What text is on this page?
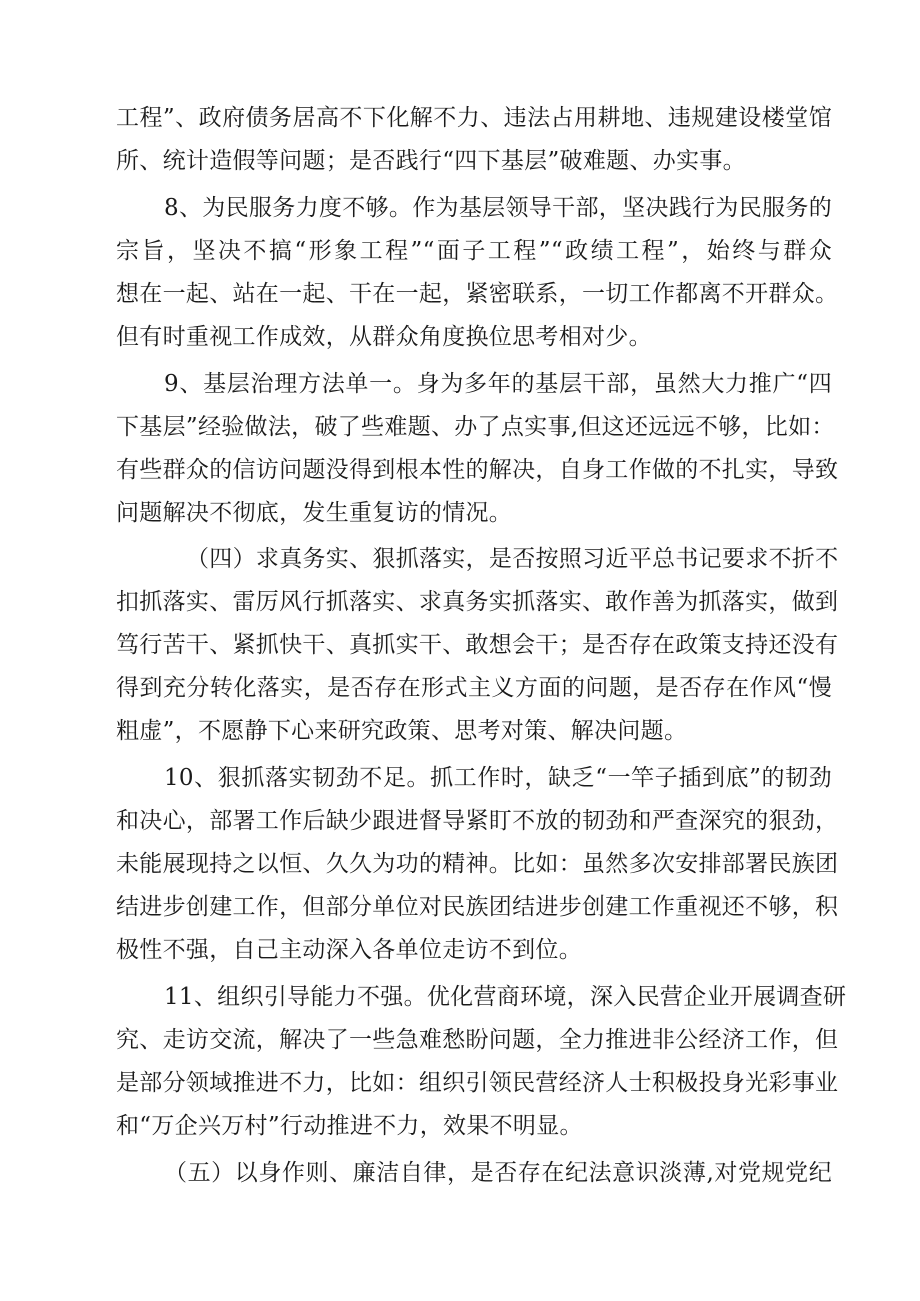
工程”、政府债务居高不下化解不力、违法占用耕地、违规建设楼堂馆
所、统计造假等问题；是否践行“四下基层”破难题、办实事。
8、为民服务力度不够。作为基层领导干部，坚决践行为民服务的
宗旨，坚决不搞“形象工程”“面子工程”“政绩工程”，始终与群众
想在一起、站在一起、干在一起，紧密联系，一切工作都离不开群众。
但有时重视工作成效，从群众角度换位思考相对少。
9、基层治理方法单一。身为多年的基层干部，虽然大力推广“四
下基层”经验做法，破了些难题、办了点实事,但这还远远不够，比如：
有些群众的信访问题没得到根本性的解决，自身工作做的不扎实，导致
问题解决不彻底，发生重复访的情况。
（四）求真务实、狠抓落实，是否按照习近平总书记要求不折不
扣抓落实、雷厉风行抓落实、求真务实抓落实、敢作善为抓落实，做到
笃行苦干、紧抓快干、真抓实干、敢想会干；是否存在政策支持还没有
得到充分转化落实，是否存在形式主义方面的问题，是否存在作风“慢
粗虚”，不愿静下心来研究政策、思考对策、解决问题。
10、狠抓落实韧劲不足。抓工作时，缺乏“一竿子插到底”的韧劲
和决心，部署工作后缺少跟进督导紧盯不放的韧劲和严查深究的狠劲，
未能展现持之以恒、久久为功的精神。比如：虽然多次安排部署民族团
结进步创建工作，但部分单位对民族团结进步创建工作重视还不够，积
极性不强，自己主动深入各单位走访不到位。
11、组织引导能力不强。优化营商环境，深入民营企业开展调查研
究、走访交流，解决了一些急难愁盼问题，全力推进非公经济工作，但
是部分领域推进不力，比如：组织引领民营经济人士积极投身光彩事业
和“万企兴万村”行动推进不力，效果不明显。
（五）以身作则、廉洁自律，是否存在纪法意识淡薄,对党规党纪
